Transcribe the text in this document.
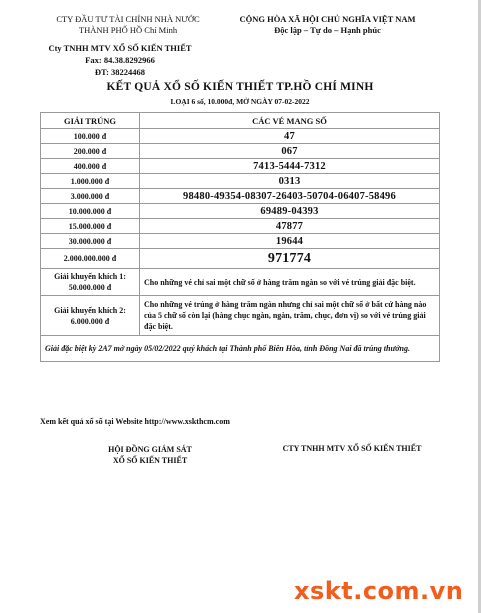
CTY ĐẦU TƯ TÀI CHÍNH NHÀ NƯỚC
THÀNH PHỐ HỒ Chí Minh
CỘNG HÒA XÃ HỘI CHỦ NGHĨA VIỆT NAM
Độc lập – Tự do – Hạnh phúc
Cty TNHH MTV XỔ SỐ KIẾN THIẾT
Fax: 84.38.8292966
ĐT: 38224468
KẾT QUẢ XỔ SỐ KIẾN THIẾT TP.HỒ CHÍ MINH
LOẠI 6 số, 10.000đ, MỞ NGÀY 07-02-2022
GIẢI TRÚNG	CÁC VÉ MANG SỐ
100.000 đ	47
200.000 đ	067
400.000 đ	7413-5444-7312
1.000.000 đ	0313
3.000.000 đ	98480-49354-08307-26403-50704-06407-58496
10.000.000 đ	69489-04393
15.000.000 đ	47877
30.000.000 đ	19644
2.000.000.000 đ	971774

Giải khuyến khích 1:
50.000.000 đ	Cho những vé chỉ sai một chữ số ở hàng trăm ngàn so với vé trúng giải đặc biệt.

Giải khuyến khích 2:
6.000.000 đ	Cho những vé trúng ở hàng trăm ngàn nhưng chỉ sai một chữ số ở bất cứ hàng nào của 5 chữ số còn lại (hàng chục ngàn, ngàn, trăm, chục, đơn vị) so với vé trúng giải đặc biệt.
Giải đặc biệt kỳ 2A7 mở ngày 05/02/2022 quý khách tại Thành phố Biên Hòa, tỉnh Đồng Nai đã trúng thưởng.	
Xem kết quả xổ số tại Website http://www.xskthcm.com
HỘI ĐỒNG GIÁM SÁT
XỔ SỐ KIẾN THIẾT
CTY TNHH MTV XỔ SỐ KIẾN THIẾT
xskt.com.vn
